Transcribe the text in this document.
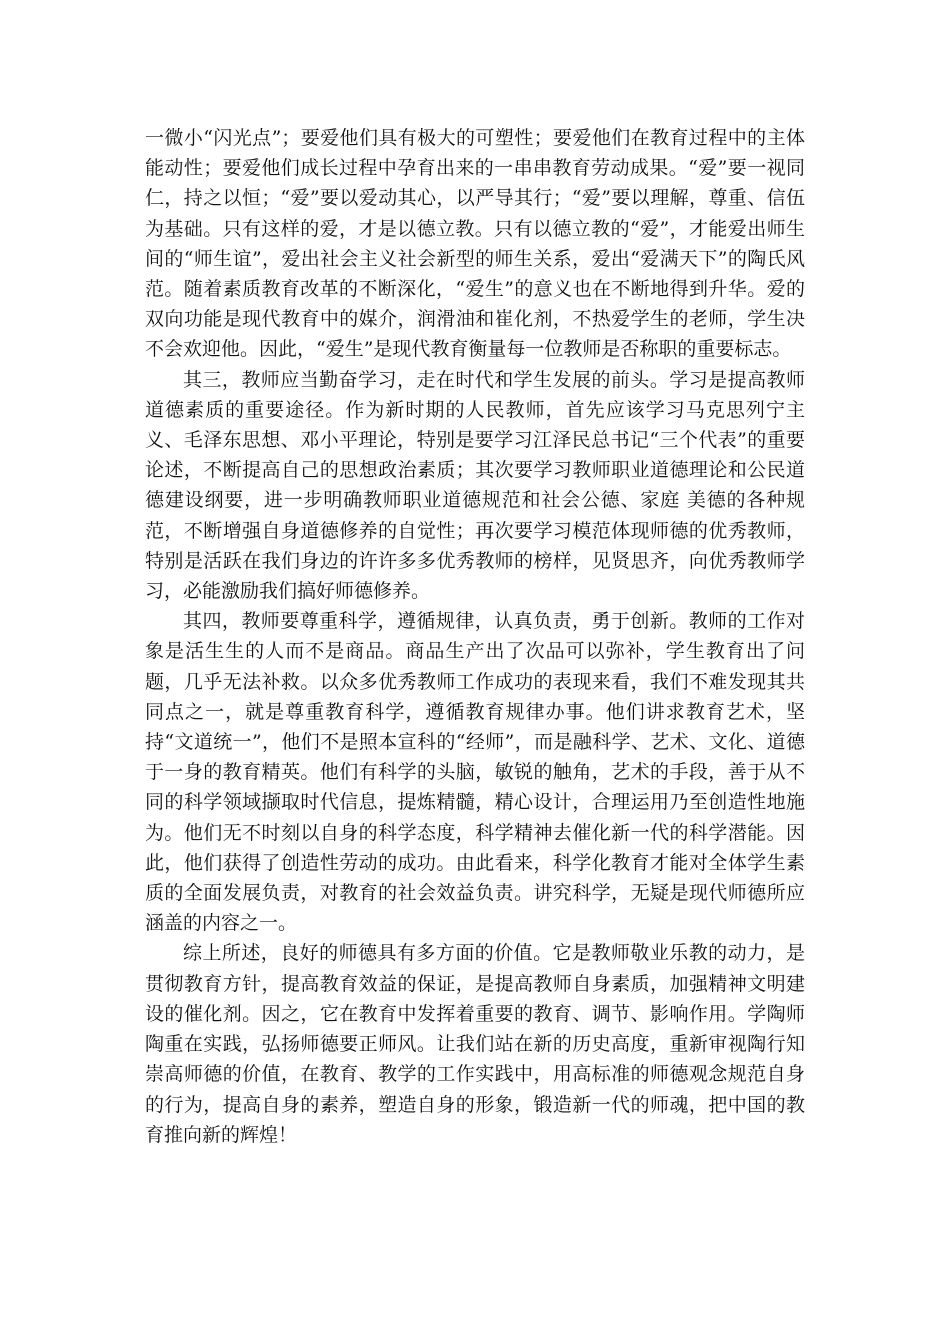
一微小“闪光点”；要爱他们具有极大的可塑性；要爱他们在教育过程中的主体能动性；要爱他们成长过程中孕育出来的一串串教育劳动成果。“爱”要一视同仁，持之以恒；“爱”要以爱动其心，以严导其行；“爱”要以理解，尊重、信伍为基础。只有这样的爱，才是以德立教。只有以德立教的“爱”，才能爱出师生间的“师生谊”，爱出社会主义社会新型的师生关系，爱出“爱满天下”的陶氏风范。随着素质教育改革的不断深化，“爱生”的意义也在不断地得到升华。爱的双向功能是现代教育中的媒介，润滑油和崔化剂，不热爱学生的老师，学生决不会欢迎他。因此，“爱生”是现代教育衡量每一位教师是否称职的重要标志。

其三，教师应当勤奋学习，走在时代和学生发展的前头。学习是提高教师道德素质的重要途径。作为新时期的人民教师，首先应该学习马克思列宁主义、毛泽东思想、邓小平理论，特别是要学习江泽民总书记“三个代表”的重要论述，不断提高自己的思想政治素质；其次要学习教师职业道德理论和公民道德建设纲要，进一步明确教师职业道德规范和社会公德、家庭 美德的各种规范，不断增强自身道德修养的自觉性；再次要学习模范体现师德的优秀教师，特别是活跃在我们身边的许许多多优秀教师的榜样，见贤思齐，向优秀教师学习，必能激励我们搞好师德修养。

其四，教师要尊重科学，遵循规律，认真负责，勇于创新。教师的工作对象是活生生的人而不是商品。商品生产出了次品可以弥补，学生教育出了问题，几乎无法补救。以众多优秀教师工作成功的表现来看，我们不难发现其共同点之一，就是尊重教育科学，遵循教育规律办事。他们讲求教育艺术，坚持“文道统一”，他们不是照本宣科的“经师”，而是融科学、艺术、文化、道德于一身的教育精英。他们有科学的头脑，敏锐的触角，艺术的手段，善于从不同的科学领域撷取时代信息，提炼精髓，精心设计，合理运用乃至创造性地施为。他们无不时刻以自身的科学态度，科学精神去催化新一代的科学潜能。因此，他们获得了创造性劳动的成功。由此看来，科学化教育才能对全体学生素质的全面发展负责，对教育的社会效益负责。讲究科学，无疑是现代师德所应涵盖的内容之一。

综上所述，良好的师德具有多方面的价值。它是教师敬业乐教的动力，是贯彻教育方针，提高教育效益的保证，是提高教师自身素质，加强精神文明建设的催化剂。因之，它在教育中发挥着重要的教育、调节、影响作用。学陶师陶重在实践，弘扬师德要正师风。让我们站在新的历史高度，重新审视陶行知崇高师德的价值，在教育、教学的工作实践中，用高标准的师德观念规范自身的行为，提高自身的素养，塑造自身的形象，锻造新一代的师魂，把中国的教育推向新的辉煌！
